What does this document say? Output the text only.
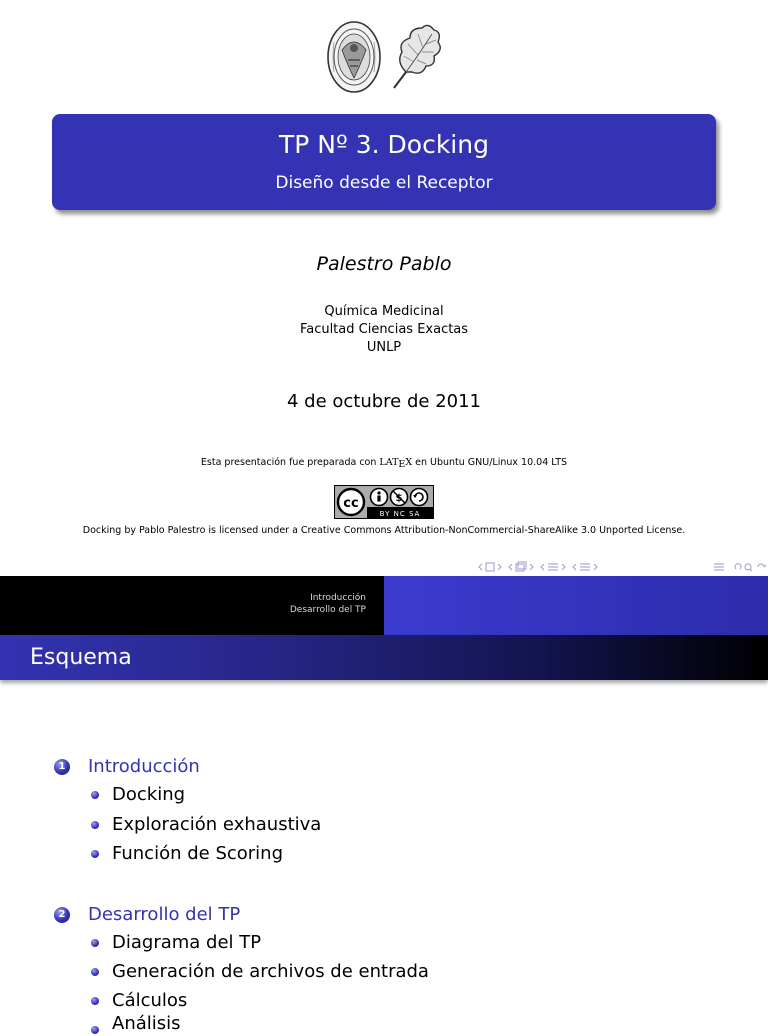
TP Nº 3. Docking
Diseño desde el Receptor
Palestro Pablo
Química Medicinal
Facultad Ciencias Exactas
UNLP
4 de octubre de 2011
Esta presentación fue preparada con LATEX en Ubuntu GNU/Linux 10.04 LTS
cc	$
BY NC SA
Docking by Pablo Palestro is licensed under a Creative Commons Attribution-NonCommercial-ShareAlike 3.0 Unported License.
Introducción
Desarrollo del TP
Esquema
1 Introducción
Docking
Exploración exhaustiva
Función de Scoring
2 Desarrollo del TP
Diagrama del TP
Generación de archivos de entrada
Cálculos
Análisis
